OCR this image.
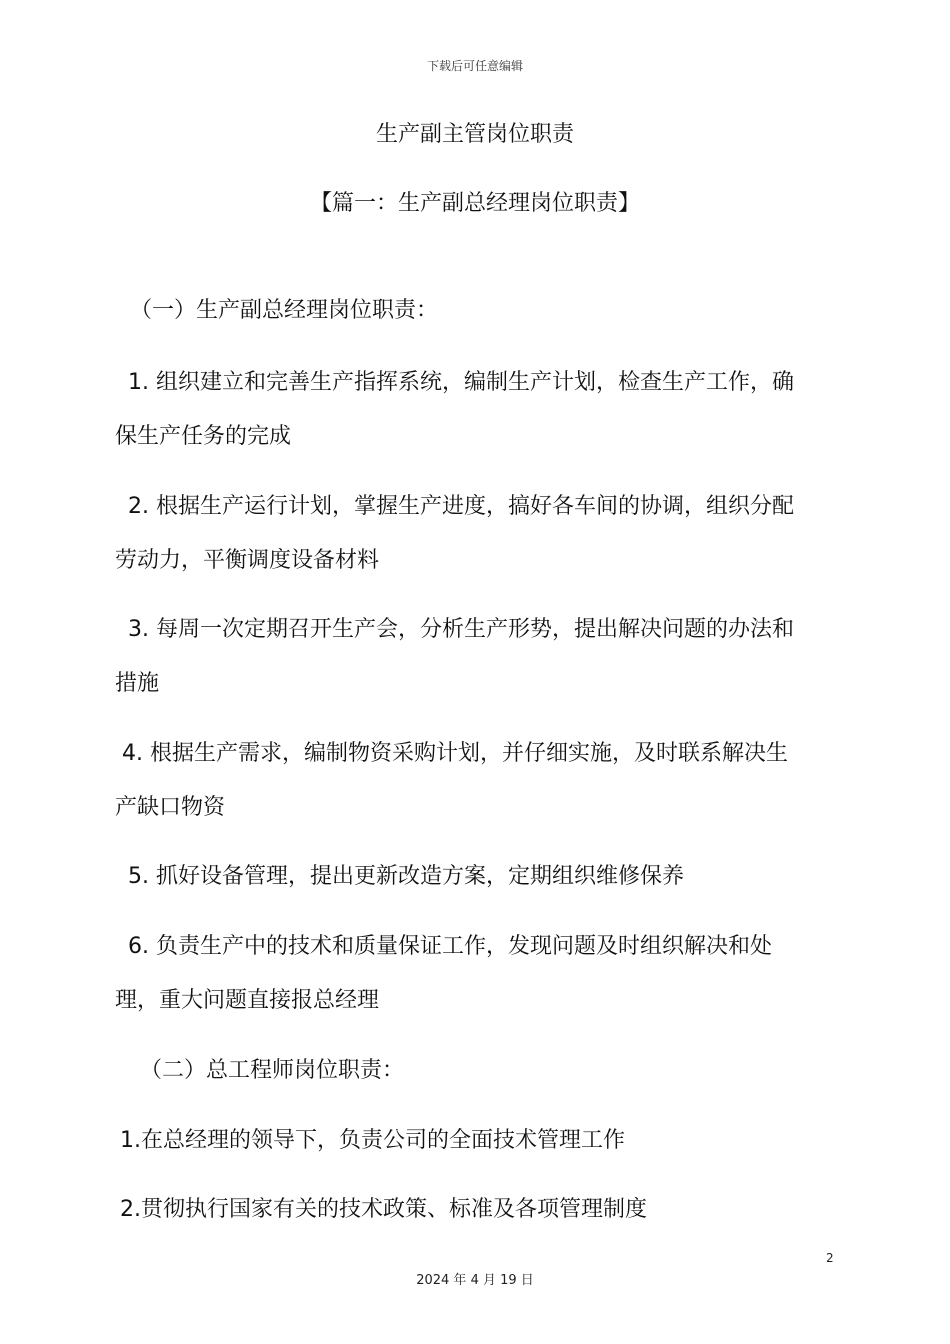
下载后可任意编辑
生产副主管岗位职责
【篇一：生产副总经理岗位职责】
（一）生产副总经理岗位职责：
1. 组织建立和完善生产指挥系统，编制生产计划，检查生产工作，确
保生产任务的完成
2. 根据生产运行计划，掌握生产进度，搞好各车间的协调，组织分配
劳动力，平衡调度设备材料
3. 每周一次定期召开生产会，分析生产形势，提出解决问题的办法和
措施
4. 根据生产需求，编制物资采购计划，并仔细实施，及时联系解决生
产缺口物资
5. 抓好设备管理，提出更新改造方案，定期组织维修保养
6. 负责生产中的技术和质量保证工作，发现问题及时组织解决和处
理，重大问题直接报总经理
（二）总工程师岗位职责：
1.在总经理的领导下，负责公司的全面技术管理工作
2.贯彻执行国家有关的技术政策、标准及各项管理制度
2
2024 年 4 月 19 日
